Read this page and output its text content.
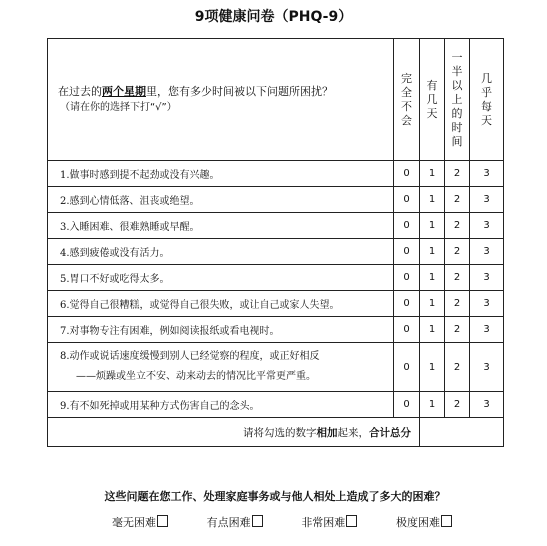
9项健康问卷（PHQ-9）
在过去的两个星期里，您有多少时间被以下问题所困扰？
（请在你的选择下打“√”）	完全不会	有几天	一半以上的时间	几乎每天
1.做事时感到提不起劲或没有兴趣。	0	1	2	3
2.感到心情低落、沮丧或绝望。	0	1	2	3
3.入睡困难、很难熟睡或早醒。	0	1	2	3
4.感到疲倦或没有活力。	0	1	2	3
5.胃口不好或吃得太多。	0	1	2	3
6.觉得自己很糟糕，或觉得自己很失败，或让自己或家人失望。	0	1	2	3
7.对事物专注有困难，例如阅读报纸或看电视时。	0	1	2	3

8.动作或说话速度缓慢到别人已经觉察的程度，或正好相反
——烦躁或坐立不安、动来动去的情况比平常更严重。	0	1	2	3
9.有不如死掉或用某种方式伤害自己的念头。	0	1	2	3
请将勾选的数字相加起来，合计总分				
这些问题在您工作、处理家庭事务或与他人相处上造成了多大的困难？
毫无困难	有点困难	非常困难	极度困难
